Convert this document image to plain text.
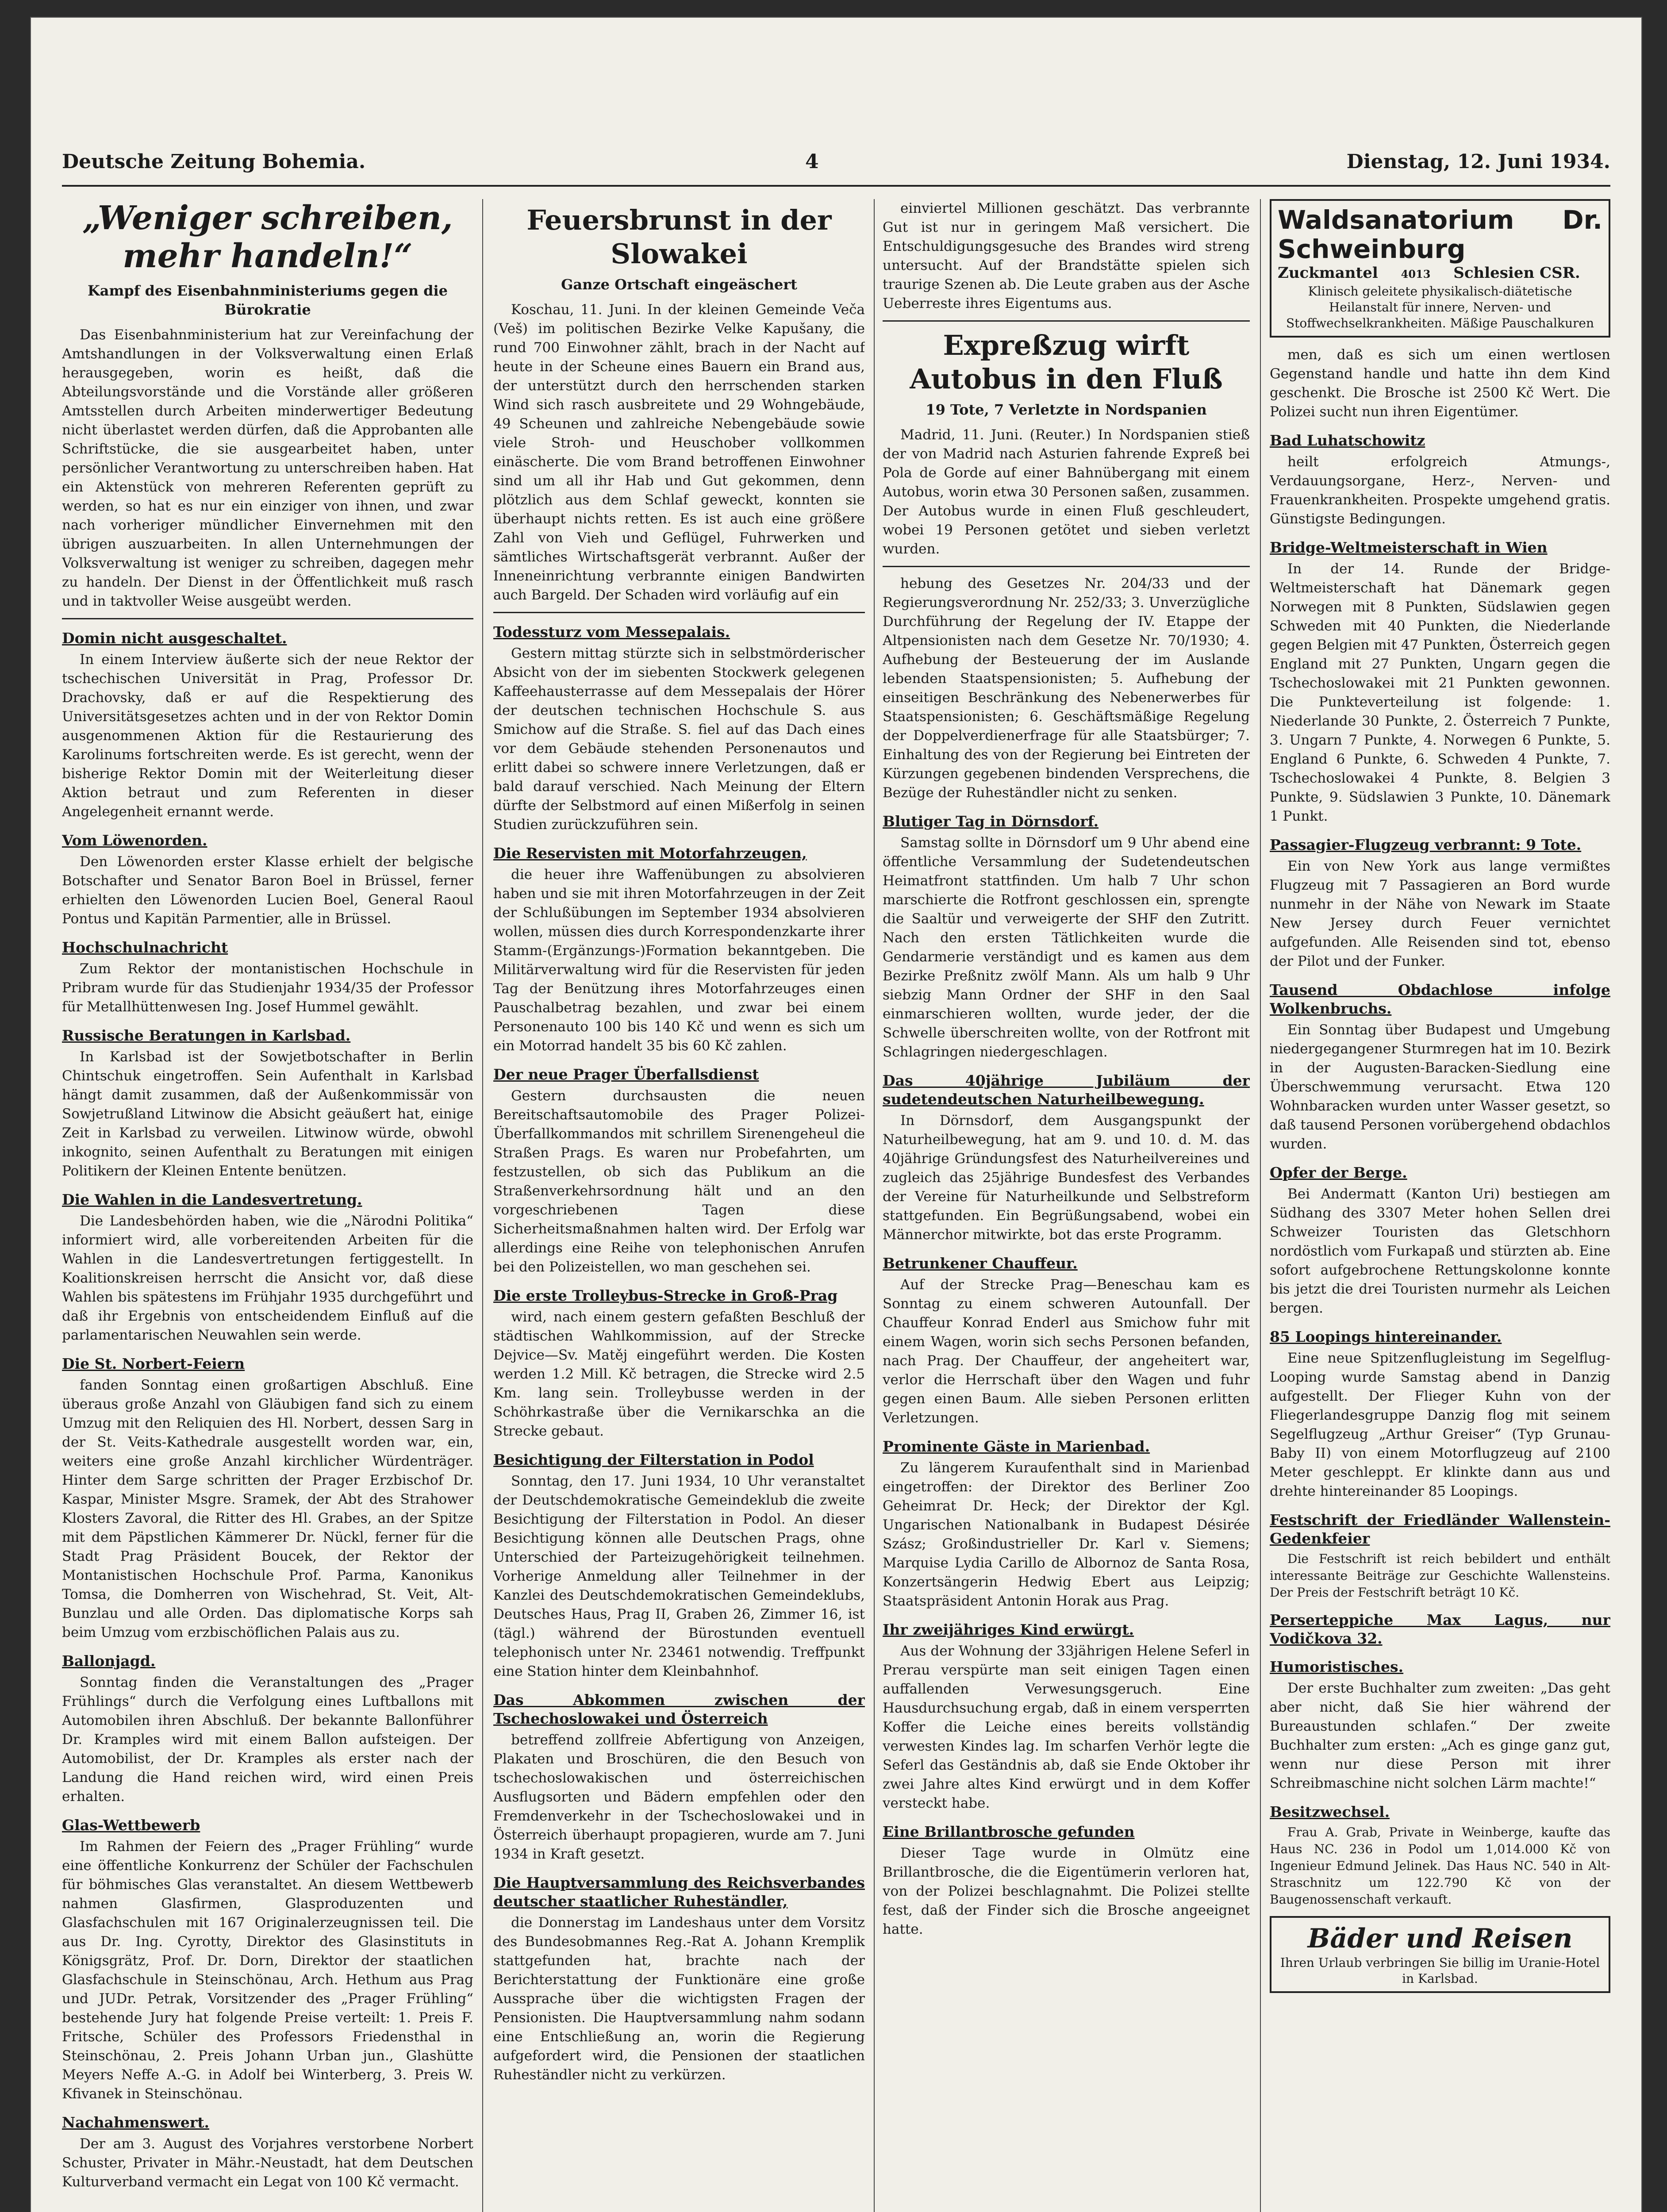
Deutsche Zeitung Bohemia.	4	Dienstag, 12. Juni 1934.
„Weniger schreiben, mehr handeln!“
Kampf des Eisenbahnministeriums gegen die Bürokratie

Das Eisenbahnministerium hat zur Vereinfachung der Amtshandlungen in der Volksverwaltung einen Erlaß herausgegeben, worin es heißt, daß die Abteilungsvorstände und die Vorstände aller größeren Amtsstellen durch Arbeiten minderwertiger Bedeutung nicht überlastet werden dürfen, daß die Approbanten alle Schriftstücke, die sie ausgearbeitet haben, unter persönlicher Verantwortung zu unterschreiben haben. Hat ein Aktenstück von mehreren Referenten geprüft zu werden, so hat es nur ein einziger von ihnen, und zwar nach vorheriger mündlicher Einvernehmen mit den übrigen auszuarbeiten. In allen Unternehmungen der Volksverwaltung ist weniger zu schreiben, dagegen mehr zu handeln. Der Dienst in der Öffentlichkeit muß rasch und in taktvoller Weise ausgeübt werden.

Domin nicht ausgeschaltet.

In einem Interview äußerte sich der neue Rektor der tschechischen Universität in Prag, Professor Dr. Drachovsky, daß er auf die Respektierung des Universitätsgesetzes achten und in der von Rektor Domin ausgenommenen Aktion für die Restaurierung des Karolinums fortschreiten werde. Es ist gerecht, wenn der bisherige Rektor Domin mit der Weiterleitung dieser Aktion betraut und zum Referenten in dieser Angelegenheit ernannt werde.

Vom Löwenorden.

Den Löwenorden erster Klasse erhielt der belgische Botschafter und Senator Baron Boel in Brüssel, ferner erhielten den Löwenorden Lucien Boel, General Raoul Pontus und Kapitän Parmentier, alle in Brüssel.

Hochschulnachricht

Zum Rektor der montanistischen Hochschule in Pribram wurde für das Studienjahr 1934/35 der Professor für Metallhüttenwesen Ing. Josef Hummel gewählt.

Russische Beratungen in Karlsbad.

In Karlsbad ist der Sowjetbotschafter in Berlin Chintschuk eingetroffen. Sein Aufenthalt in Karlsbad hängt damit zusammen, daß der Außenkommissär von Sowjetrußland Litwinow die Absicht geäußert hat, einige Zeit in Karlsbad zu verweilen. Litwinow würde, obwohl inkognito, seinen Aufenthalt zu Beratungen mit einigen Politikern der Kleinen Entente benützen.

Die Wahlen in die Landesvertretung.

Die Landesbehörden haben, wie die „Närodni Politika“ informiert wird, alle vorbereitenden Arbeiten für die Wahlen in die Landesvertretungen fertiggestellt. In Koalitionskreisen herrscht die Ansicht vor, daß diese Wahlen bis spätestens im Frühjahr 1935 durchgeführt und daß ihr Ergebnis von entscheidendem Einfluß auf die parlamentarischen Neuwahlen sein werde.

Die St. Norbert-Feiern

fanden Sonntag einen großartigen Abschluß. Eine überaus große Anzahl von Gläubigen fand sich zu einem Umzug mit den Reliquien des Hl. Norbert, dessen Sarg in der St. Veits-Kathedrale ausgestellt worden war, ein, weiters eine große Anzahl kirchlicher Würdenträger. Hinter dem Sarge schritten der Prager Erzbischof Dr. Kaspar, Minister Msgre. Sramek, der Abt des Strahower Klosters Zavoral, die Ritter des Hl. Grabes, an der Spitze mit dem Päpstlichen Kämmerer Dr. Nückl, ferner für die Stadt Prag Präsident Boucek, der Rektor der Montanistischen Hochschule Prof. Parma, Kanonikus Tomsa, die Domherren von Wischehrad, St. Veit, Alt-Bunzlau und alle Orden. Das diplomatische Korps sah beim Umzug vom erzbischöflichen Palais aus zu.

Ballonjagd.

Sonntag finden die Veranstaltungen des „Prager Frühlings“ durch die Verfolgung eines Luftballons mit Automobilen ihren Abschluß. Der bekannte Ballonführer Dr. Kramples wird mit einem Ballon aufsteigen. Der Automobilist, der Dr. Kramples als erster nach der Landung die Hand reichen wird, wird einen Preis erhalten.

Glas-Wettbewerb

Im Rahmen der Feiern des „Prager Frühling“ wurde eine öffentliche Konkurrenz der Schüler der Fachschulen für böhmisches Glas veranstaltet. An diesem Wettbewerb nahmen Glasfirmen, Glasproduzenten und Glasfachschulen mit 167 Originalerzeugnissen teil. Die aus Dr. Ing. Cyrotty, Direktor des Glasinstituts in Königsgrätz, Prof. Dr. Dorn, Direktor der staatlichen Glasfachschule in Steinschönau, Arch. Hethum aus Prag und JUDr. Petrak, Vorsitzender des „Prager Frühling“ bestehende Jury hat folgende Preise verteilt: 1. Preis F. Fritsche, Schüler des Professors Friedensthal in Steinschönau, 2. Preis Johann Urban jun., Glashütte Meyers Neffe A.-G. in Adolf bei Winterberg, 3. Preis W. Kfivanek in Steinschönau.

Nachahmenswert.

Der am 3. August des Vorjahres verstorbene Norbert Schuster, Privater in Mähr.-Neustadt, hat dem Deutschen Kulturverband vermacht ein Legat von 100 Kč vermacht.

Feuersbrunst in der Slowakei
Ganze Ortschaft eingeäschert

Koschau, 11. Juni. In der kleinen Gemeinde Veča (Veš) im politischen Bezirke Velke Kapušany, die rund 700 Einwohner zählt, brach in der Nacht auf heute in der Scheune eines Bauern ein Brand aus, der unterstützt durch den herrschenden starken Wind sich rasch ausbreitete und 29 Wohngebäude, 49 Scheunen und zahlreiche Nebengebäude sowie viele Stroh- und Heuschober vollkommen einäscherte. Die vom Brand betroffenen Einwohner sind um all ihr Hab und Gut gekommen, denn plötzlich aus dem Schlaf geweckt, konnten sie überhaupt nichts retten. Es ist auch eine größere Zahl von Vieh und Geflügel, Fuhrwerken und sämtliches Wirtschaftsgerät verbrannt. Außer der Inneneinrichtung verbrannte einigen Bandwirten auch Bargeld. Der Schaden wird vorläufig auf ein

Todessturz vom Messepalais.

Gestern mittag stürzte sich in selbstmörderischer Absicht von der im siebenten Stockwerk gelegenen Kaffeehausterrasse auf dem Messepalais der Hörer der deutschen technischen Hochschule S. aus Smichow auf die Straße. S. fiel auf das Dach eines vor dem Gebäude stehenden Personenautos und erlitt dabei so schwere innere Verletzungen, daß er bald darauf verschied. Nach Meinung der Eltern dürfte der Selbstmord auf einen Mißerfolg in seinen Studien zurückzuführen sein.

Die Reservisten mit Motorfahrzeugen,

die heuer ihre Waffenübungen zu absolvieren haben und sie mit ihren Motorfahrzeugen in der Zeit der Schlußübungen im September 1934 absolvieren wollen, müssen dies durch Korrespondenzkarte ihrer Stamm-(Ergänzungs-)Formation bekanntgeben. Die Militärverwaltung wird für die Reservisten für jeden Tag der Benützung ihres Motorfahrzeuges einen Pauschalbetrag bezahlen, und zwar bei einem Personenauto 100 bis 140 Kč und wenn es sich um ein Motorrad handelt 35 bis 60 Kč zahlen.

Der neue Prager Überfallsdienst

Gestern durchsausten die neuen Bereitschaftsautomobile des Prager Polizei-Überfallkommandos mit schrillem Sirenengeheul die Straßen Prags. Es waren nur Probefahrten, um festzustellen, ob sich das Publikum an die Straßenverkehrsordnung hält und an den vorgeschriebenen Tagen diese Sicherheitsmaßnahmen halten wird. Der Erfolg war allerdings eine Reihe von telephonischen Anrufen bei den Polizeistellen, wo man geschehen sei.

Die erste Trolleybus-Strecke in Groß-Prag

wird, nach einem gestern gefaßten Beschluß der städtischen Wahlkommission, auf der Strecke Dejvice—Sv. Matěj eingeführt werden. Die Kosten werden 1.2 Mill. Kč betragen, die Strecke wird 2.5 Km. lang sein. Trolleybusse werden in der Schöhrkastraße über die Vernikarschka an die Strecke gebaut.

Besichtigung der Filterstation in Podol

Sonntag, den 17. Juni 1934, 10 Uhr veranstaltet der Deutschdemokratische Gemeindeklub die zweite Besichtigung der Filterstation in Podol. An dieser Besichtigung können alle Deutschen Prags, ohne Unterschied der Parteizugehörigkeit teilnehmen. Vorherige Anmeldung aller Teilnehmer in der Kanzlei des Deutschdemokratischen Gemeindeklubs, Deutsches Haus, Prag II, Graben 26, Zimmer 16, ist (tägl.) während der Bürostunden eventuell telephonisch unter Nr. 23461 notwendig. Treffpunkt eine Station hinter dem Kleinbahnhof.

Das Abkommen zwischen der Tschechoslowakei und Österreich

betreffend zollfreie Abfertigung von Anzeigen, Plakaten und Broschüren, die den Besuch von tschechoslowakischen und österreichischen Ausflugsorten und Bädern empfehlen oder den Fremdenverkehr in der Tschechoslowakei und in Österreich überhaupt propagieren, wurde am 7. Juni 1934 in Kraft gesetzt.

Die Hauptversammlung des Reichsverbandes deutscher staatlicher Ruheständler,

die Donnerstag im Landeshaus unter dem Vorsitz des Bundesobmannes Reg.-Rat A. Johann Kremplik stattgefunden hat, brachte nach der Berichterstattung der Funktionäre eine große Aussprache über die wichtigsten Fragen der Pensionisten. Die Hauptversammlung nahm sodann eine Entschließung an, worin die Regierung aufgefordert wird, die Pensionen der staatlichen Ruheständler nicht zu verkürzen.

einviertel Millionen geschätzt. Das verbrannte Gut ist nur in geringem Maß versichert. Die Entschuldigungsgesuche des Brandes wird streng untersucht. Auf der Brandstätte spielen sich traurige Szenen ab. Die Leute graben aus der Asche Ueberreste ihres Eigentums aus.

Expreßzug wirft Autobus in den Fluß
19 Tote, 7 Verletzte in Nordspanien

Madrid, 11. Juni. (Reuter.) In Nordspanien stieß der von Madrid nach Asturien fahrende Expreß bei Pola de Gorde auf einer Bahnübergang mit einem Autobus, worin etwa 30 Personen saßen, zusammen. Der Autobus wurde in einen Fluß geschleudert, wobei 19 Personen getötet und sieben verletzt wurden.

hebung des Gesetzes Nr. 204/33 und der Regierungsverordnung Nr. 252/33; 3. Unverzügliche Durchführung der Regelung der IV. Etappe der Altpensionisten nach dem Gesetze Nr. 70/1930; 4. Aufhebung der Besteuerung der im Auslande lebenden Staatspensionisten; 5. Aufhebung der einseitigen Beschränkung des Nebenerwerbes für Staatspensionisten; 6. Geschäftsmäßige Regelung der Doppelverdienerfrage für alle Staatsbürger; 7. Einhaltung des von der Regierung bei Eintreten der Kürzungen gegebenen bindenden Versprechens, die Bezüge der Ruheständler nicht zu senken.

Blutiger Tag in Dörnsdorf.

Samstag sollte in Dörnsdorf um 9 Uhr abend eine öffentliche Versammlung der Sudetendeutschen Heimatfront stattfinden. Um halb 7 Uhr schon marschierte die Rotfront geschlossen ein, sprengte die Saaltür und verweigerte der SHF den Zutritt. Nach den ersten Tätlichkeiten wurde die Gendarmerie verständigt und es kamen aus dem Bezirke Preßnitz zwölf Mann. Als um halb 9 Uhr siebzig Mann Ordner der SHF in den Saal einmarschieren wollten, wurde jeder, der die Schwelle überschreiten wollte, von der Rotfront mit Schlagringen niedergeschlagen.

Das 40jährige Jubiläum der sudetendeutschen Naturheilbewegung.

In Dörnsdorf, dem Ausgangspunkt der Naturheilbewegung, hat am 9. und 10. d. M. das 40jährige Gründungsfest des Naturheilvereines und zugleich das 25jährige Bundesfest des Verbandes der Vereine für Naturheilkunde und Selbstreform stattgefunden. Ein Begrüßungsabend, wobei ein Männerchor mitwirkte, bot das erste Programm.

Betrunkener Chauffeur.

Auf der Strecke Prag—Beneschau kam es Sonntag zu einem schweren Autounfall. Der Chauffeur Konrad Enderl aus Smichow fuhr mit einem Wagen, worin sich sechs Personen befanden, nach Prag. Der Chauffeur, der angeheitert war, verlor die Herrschaft über den Wagen und fuhr gegen einen Baum. Alle sieben Personen erlitten Verletzungen.

Prominente Gäste in Marienbad.

Zu längerem Kuraufenthalt sind in Marienbad eingetroffen: der Direktor des Berliner Zoo Geheimrat Dr. Heck; der Direktor der Kgl. Ungarischen Nationalbank in Budapest Désirée Szász; Großindustrieller Dr. Karl v. Siemens; Marquise Lydia Carillo de Albornoz de Santa Rosa, Konzertsängerin Hedwig Ebert aus Leipzig; Staatspräsident Antonin Horak aus Prag.

Ihr zweijähriges Kind erwürgt.

Aus der Wohnung der 33jährigen Helene Seferl in Prerau verspürte man seit einigen Tagen einen auffallenden Verwesungsgeruch. Eine Hausdurchsuchung ergab, daß in einem versperrten Koffer die Leiche eines bereits vollständig verwesten Kindes lag. Im scharfen Verhör legte die Seferl das Geständnis ab, daß sie Ende Oktober ihr zwei Jahre altes Kind erwürgt und in dem Koffer versteckt habe.

Eine Brillantbrosche gefunden

Dieser Tage wurde in Olmütz eine Brillantbrosche, die die Eigentümerin verloren hat, von der Polizei beschlagnahmt. Die Polizei stellte fest, daß der Finder sich die Brosche angeeignet hatte.

Waldsanatorium Dr. Schweinburg
Zuckmantel 4013 Schlesien CSR.
Klinisch geleitete physikalisch-diätetische Heilanstalt für innere, Nerven- und Stoffwechselkrankheiten. Mäßige Pauschalkuren

men, daß es sich um einen wertlosen Gegenstand handle und hatte ihn dem Kind geschenkt. Die Brosche ist 2500 Kč Wert. Die Polizei sucht nun ihren Eigentümer.

Bad Luhatschowitz

heilt erfolgreich Atmungs-, Verdauungsorgane, Herz-, Nerven- und Frauenkrankheiten. Prospekte umgehend gratis. Günstigste Bedingungen.

Bridge-Weltmeisterschaft in Wien

In der 14. Runde der Bridge-Weltmeisterschaft hat Dänemark gegen Norwegen mit 8 Punkten, Südslawien gegen Schweden mit 40 Punkten, die Niederlande gegen Belgien mit 47 Punkten, Österreich gegen England mit 27 Punkten, Ungarn gegen die Tschechoslowakei mit 21 Punkten gewonnen. Die Punkteverteilung ist folgende: 1. Niederlande 30 Punkte, 2. Österreich 7 Punkte, 3. Ungarn 7 Punkte, 4. Norwegen 6 Punkte, 5. England 6 Punkte, 6. Schweden 4 Punkte, 7. Tschechoslowakei 4 Punkte, 8. Belgien 3 Punkte, 9. Südslawien 3 Punkte, 10. Dänemark 1 Punkt.

Passagier-Flugzeug verbrannt: 9 Tote.

Ein von New York aus lange vermißtes Flugzeug mit 7 Passagieren an Bord wurde nunmehr in der Nähe von Newark im Staate New Jersey durch Feuer vernichtet aufgefunden. Alle Reisenden sind tot, ebenso der Pilot und der Funker.

Tausend Obdachlose infolge Wolkenbruchs.

Ein Sonntag über Budapest und Umgebung niedergegangener Sturmregen hat im 10. Bezirk in der Augusten-Baracken-Siedlung eine Überschwemmung verursacht. Etwa 120 Wohnbaracken wurden unter Wasser gesetzt, so daß tausend Personen vorübergehend obdachlos wurden.

Opfer der Berge.

Bei Andermatt (Kanton Uri) bestiegen am Südhang des 3307 Meter hohen Sellen drei Schweizer Touristen das Gletschhorn nordöstlich vom Furkapaß und stürzten ab. Eine sofort aufgebrochene Rettungskolonne konnte bis jetzt die drei Touristen nurmehr als Leichen bergen.

85 Loopings hintereinander.

Eine neue Spitzenflugleistung im Segelflug-Looping wurde Samstag abend in Danzig aufgestellt. Der Flieger Kuhn von der Fliegerlandesgruppe Danzig flog mit seinem Segelflugzeug „Arthur Greiser“ (Typ Grunau-Baby II) von einem Motorflugzeug auf 2100 Meter geschleppt. Er klinkte dann aus und drehte hintereinander 85 Loopings.

Festschrift der Friedländer Wallenstein-Gedenkfeier

Die Festschrift ist reich bebildert und enthält interessante Beiträge zur Geschichte Wallensteins. Der Preis der Festschrift beträgt 10 Kč.

Perserteppiche Max Lagus, nur Vodičkova 32.
Humoristisches.

Der erste Buchhalter zum zweiten: „Das geht aber nicht, daß Sie hier während der Bureaustunden schlafen.“ Der zweite Buchhalter zum ersten: „Ach es ginge ganz gut, wenn nur diese Person mit ihrer Schreibmaschine nicht solchen Lärm machte!“

Besitzwechsel.

Frau A. Grab, Private in Weinberge, kaufte das Haus NC. 236 in Podol um 1,014.000 Kč von Ingenieur Edmund Jelinek. Das Haus NC. 540 in Alt-Straschnitz um 122.790 Kč von der Baugenossenschaft verkauft.

Bäder und Reisen
Ihren Urlaub verbringen Sie billig im Uranie-Hotel in Karlsbad.
